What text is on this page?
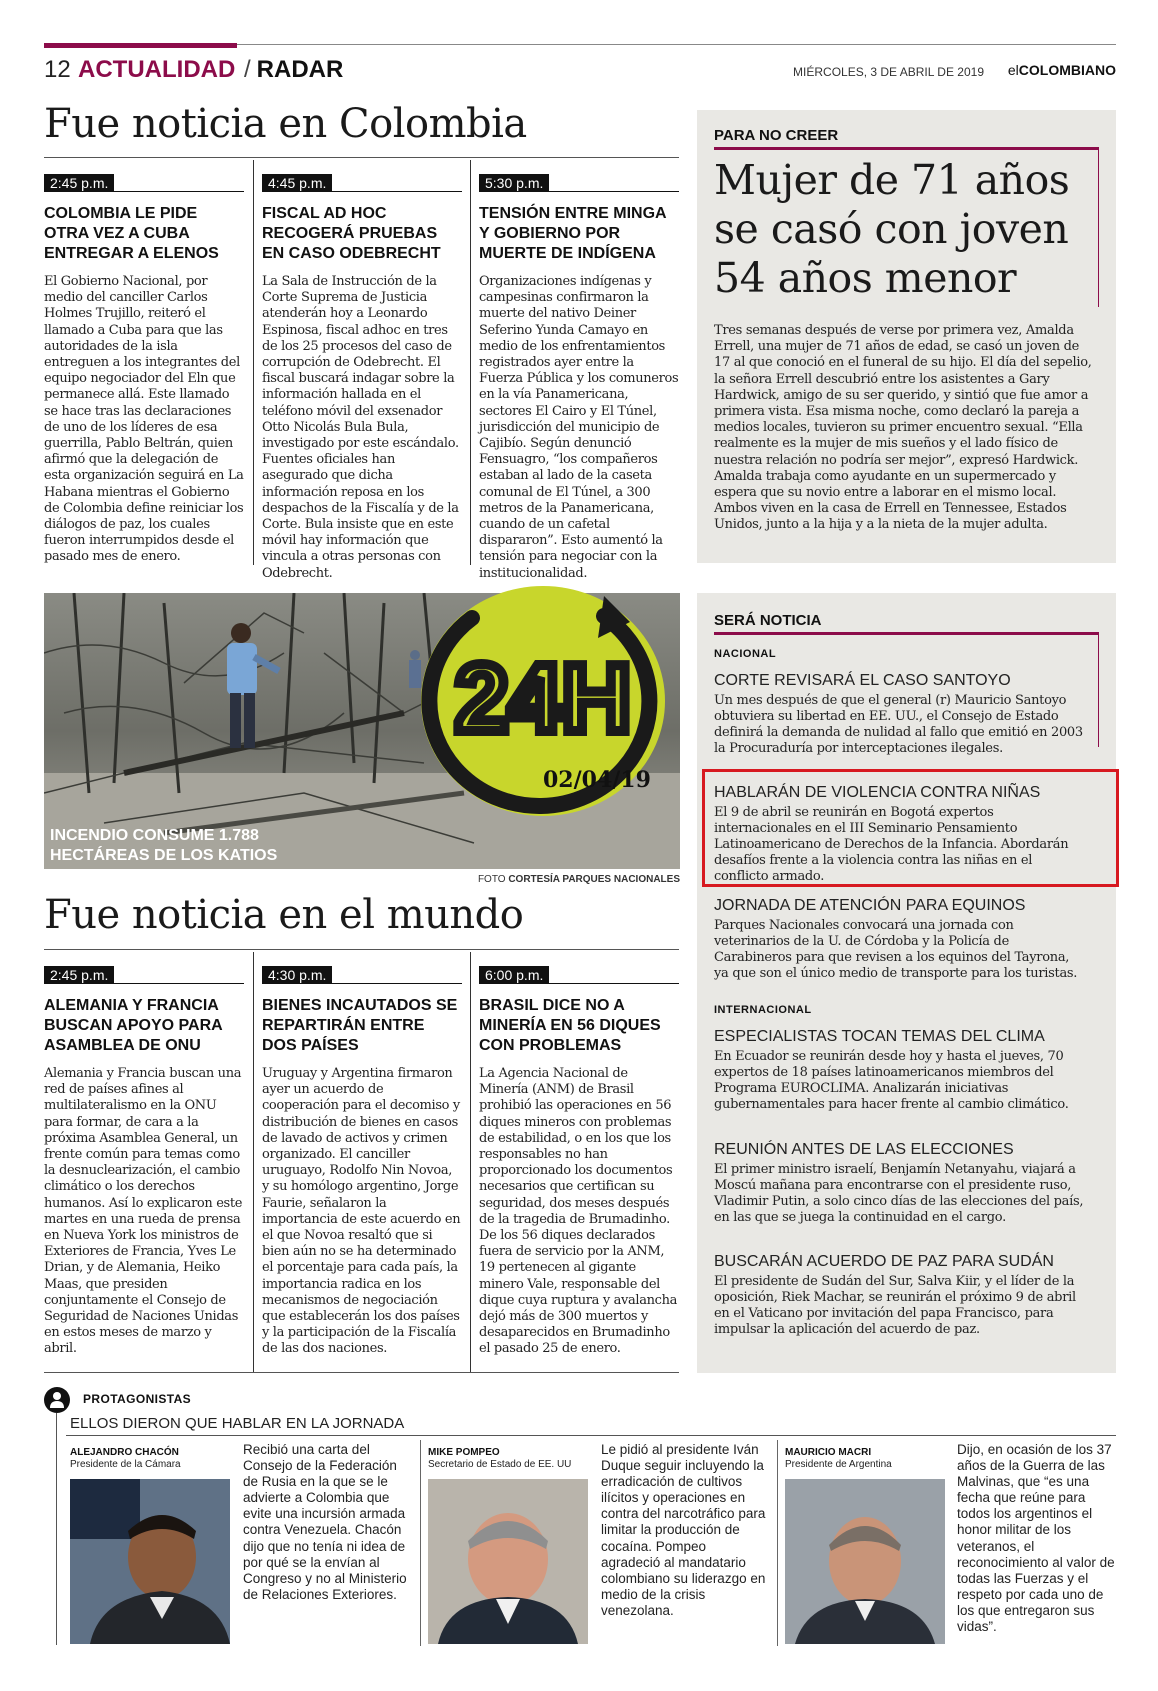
12 ACTUALIDAD / RADAR	MIÉRCOLES, 3 DE ABRIL DE 2019 elCOLOMBIANO
Fue noticia en Colombia
2:45 p.m.
COLOMBIA LE PIDE OTRA VEZ A CUBA ENTREGAR A ELENOS
El Gobierno Nacional, por medio del canciller Carlos Holmes Trujillo, reiteró el llamado a Cuba para que las autoridades de la isla entreguen a los integrantes del equipo negociador del Eln que permanece allá. Este llamado se hace tras las declaraciones de uno de los líderes de esa guerrilla, Pablo Beltrán, quien afirmó que la delegación de esta organización seguirá en La Habana mientras el Gobierno de Colombia define reiniciar los diálogos de paz, los cuales fueron interrumpidos desde el pasado mes de enero.
4:45 p.m.
FISCAL AD HOC RECOGERÁ PRUEBAS EN CASO ODEBRECHT
La Sala de Instrucción de la Corte Suprema de Justicia atenderán hoy a Leonardo Espinosa, fiscal adhoc en tres de los 25 procesos del caso de corrupción de Odebrecht. El fiscal buscará indagar sobre la información hallada en el teléfono móvil del exsenador Otto Nicolás Bula Bula, investigado por este escándalo. Fuentes oficiales han asegurado que dicha información reposa en los despachos de la Fiscalía y de la Corte. Bula insiste que en este móvil hay información que vincula a otras personas con Odebrecht.
5:30 p.m.
TENSIÓN ENTRE MINGA Y GOBIERNO POR MUERTE DE INDÍGENA
Organizaciones indígenas y campesinas confirmaron la muerte del nativo Deiner Seferino Yunda Camayo en medio de los enfrentamientos registrados ayer entre la Fuerza Pública y los comuneros en la vía Panamericana, sectores El Cairo y El Túnel, jurisdicción del municipio de Cajibío. Según denunció Fensuagro, “los compañeros estaban al lado de la caseta comunal de El Túnel, a 300 metros de la Panamericana, cuando de un cafetal dispararon”. Esto aumentó la tensión para negociar con la institucionalidad.
PARA NO CREER
Mujer de 71 años se casó con joven 54 años menor
Tres semanas después de verse por primera vez, Amalda Errell, una mujer de 71 años de edad, se casó un joven de 17 al que conoció en el funeral de su hijo. El día del sepelio, la señora Errell descubrió entre los asistentes a Gary Hardwick, amigo de su ser querido, y sintió que fue amor a primera vista. Esa misma noche, como declaró la pareja a medios locales, tuvieron su primer encuentro sexual. “Ella realmente es la mujer de mis sueños y el lado físico de nuestra relación no podría ser mejor”, expresó Hardwick. Amalda trabaja como ayudante en un supermercado y espera que su novio entre a laborar en el mismo local. Ambos viven en la casa de Errell en Tennessee, Estados Unidos, junto a la hija y a la nieta de la mujer adulta.
24H
02/04/19
INCENDIO CONSUME 1.788 HECTÁREAS DE LOS KATIOS
FOTO CORTESÍA PARQUES NACIONALES
SERÁ NOTICIA
NACIONAL
CORTE REVISARÁ EL CASO SANTOYO
Un mes después de que el general (r) Mauricio Santoyo obtuviera su libertad en EE. UU., el Consejo de Estado definirá la demanda de nulidad al fallo que emitió en 2003 la Procuraduría por interceptaciones ilegales.
HABLARÁN DE VIOLENCIA CONTRA NIÑAS
El 9 de abril se reunirán en Bogotá expertos internacionales en el III Seminario Pensamiento Latinoamericano de Derechos de la Infancia. Abordarán desafíos frente a la violencia contra las niñas en el conflicto armado.
JORNADA DE ATENCIÓN PARA EQUINOS
Parques Nacionales convocará una jornada con veterinarios de la U. de Córdoba y la Policía de Carabineros para que revisen a los equinos del Tayrona, ya que son el único medio de transporte para los turistas.
INTERNACIONAL
ESPECIALISTAS TOCAN TEMAS DEL CLIMA
En Ecuador se reunirán desde hoy y hasta el jueves, 70 expertos de 18 países latinoamericanos miembros del Programa EUROCLIMA. Analizarán iniciativas gubernamentales para hacer frente al cambio climático.
REUNIÓN ANTES DE LAS ELECCIONES
El primer ministro israelí, Benjamín Netanyahu, viajará a Moscú mañana para encontrarse con el presidente ruso, Vladimir Putin, a solo cinco días de las elecciones del país, en las que se juega la continuidad en el cargo.
BUSCARÁN ACUERDO DE PAZ PARA SUDÁN
El presidente de Sudán del Sur, Salva Kiir, y el líder de la oposición, Riek Machar, se reunirán el próximo 9 de abril en el Vaticano por invitación del papa Francisco, para impulsar la aplicación del acuerdo de paz.
Fue noticia en el mundo
2:45 p.m.
ALEMANIA Y FRANCIA BUSCAN APOYO PARA ASAMBLEA DE ONU
Alemania y Francia buscan una red de países afines al multilateralismo en la ONU para formar, de cara a la próxima Asamblea General, un frente común para temas como la desnuclearización, el cambio climático o los derechos humanos. Así lo explicaron este martes en una rueda de prensa en Nueva York los ministros de Exteriores de Francia, Yves Le Drian, y de Alemania, Heiko Maas, que presiden conjuntamente el Consejo de Seguridad de Naciones Unidas en estos meses de marzo y abril.
4:30 p.m.
BIENES INCAUTADOS SE REPARTIRÁN ENTRE DOS PAÍSES
Uruguay y Argentina firmaron ayer un acuerdo de cooperación para el decomiso y distribución de bienes en casos de lavado de activos y crimen organizado. El canciller uruguayo, Rodolfo Nin Novoa, y su homólogo argentino, Jorge Faurie, señalaron la importancia de este acuerdo en el que Novoa resaltó que si bien aún no se ha determinado el porcentaje para cada país, la importancia radica en los mecanismos de negociación que establecerán los dos países y la participación de la Fiscalía de las dos naciones.
6:00 p.m.
BRASIL DICE NO A MINERÍA EN 56 DIQUES CON PROBLEMAS
La Agencia Nacional de Minería (ANM) de Brasil prohibió las operaciones en 56 diques mineros con problemas de estabilidad, o en los que los responsables no han proporcionado los documentos necesarios que certifican su seguridad, dos meses después de la tragedia de Brumadinho. De los 56 diques declarados fuera de servicio por la ANM, 19 pertenecen al gigante minero Vale, responsable del dique cuya ruptura y avalancha dejó más de 300 muertos y desaparecidos en Brumadinho el pasado 25 de enero.
PROTAGONISTAS
ELLOS DIERON QUE HABLAR EN LA JORNADA
ALEJANDRO CHACÓN
Presidente de la Cámara
Recibió una carta del Consejo de la Federación de Rusia en la que se le advierte a Colombia que evite una incursión armada contra Venezuela. Chacón dijo que no tenía ni idea de por qué se la envían al Congreso y no al Ministerio de Relaciones Exteriores.
MIKE POMPEO
Secretario de Estado de EE. UU
Le pidió al presidente Iván Duque seguir incluyendo la erradicación de cultivos ilícitos y operaciones en contra del narcotráfico para limitar la producción de cocaína. Pompeo agradeció al mandatario colombiano su liderazgo en medio de la crisis venezolana.
MAURICIO MACRI
Presidente de Argentina
Dijo, en ocasión de los 37 años de la Guerra de las Malvinas, que “es una fecha que reúne para todos los argentinos el honor militar de los veteranos, el reconocimiento al valor de todas las Fuerzas y el respeto por cada uno de los que entregaron sus vidas”.
